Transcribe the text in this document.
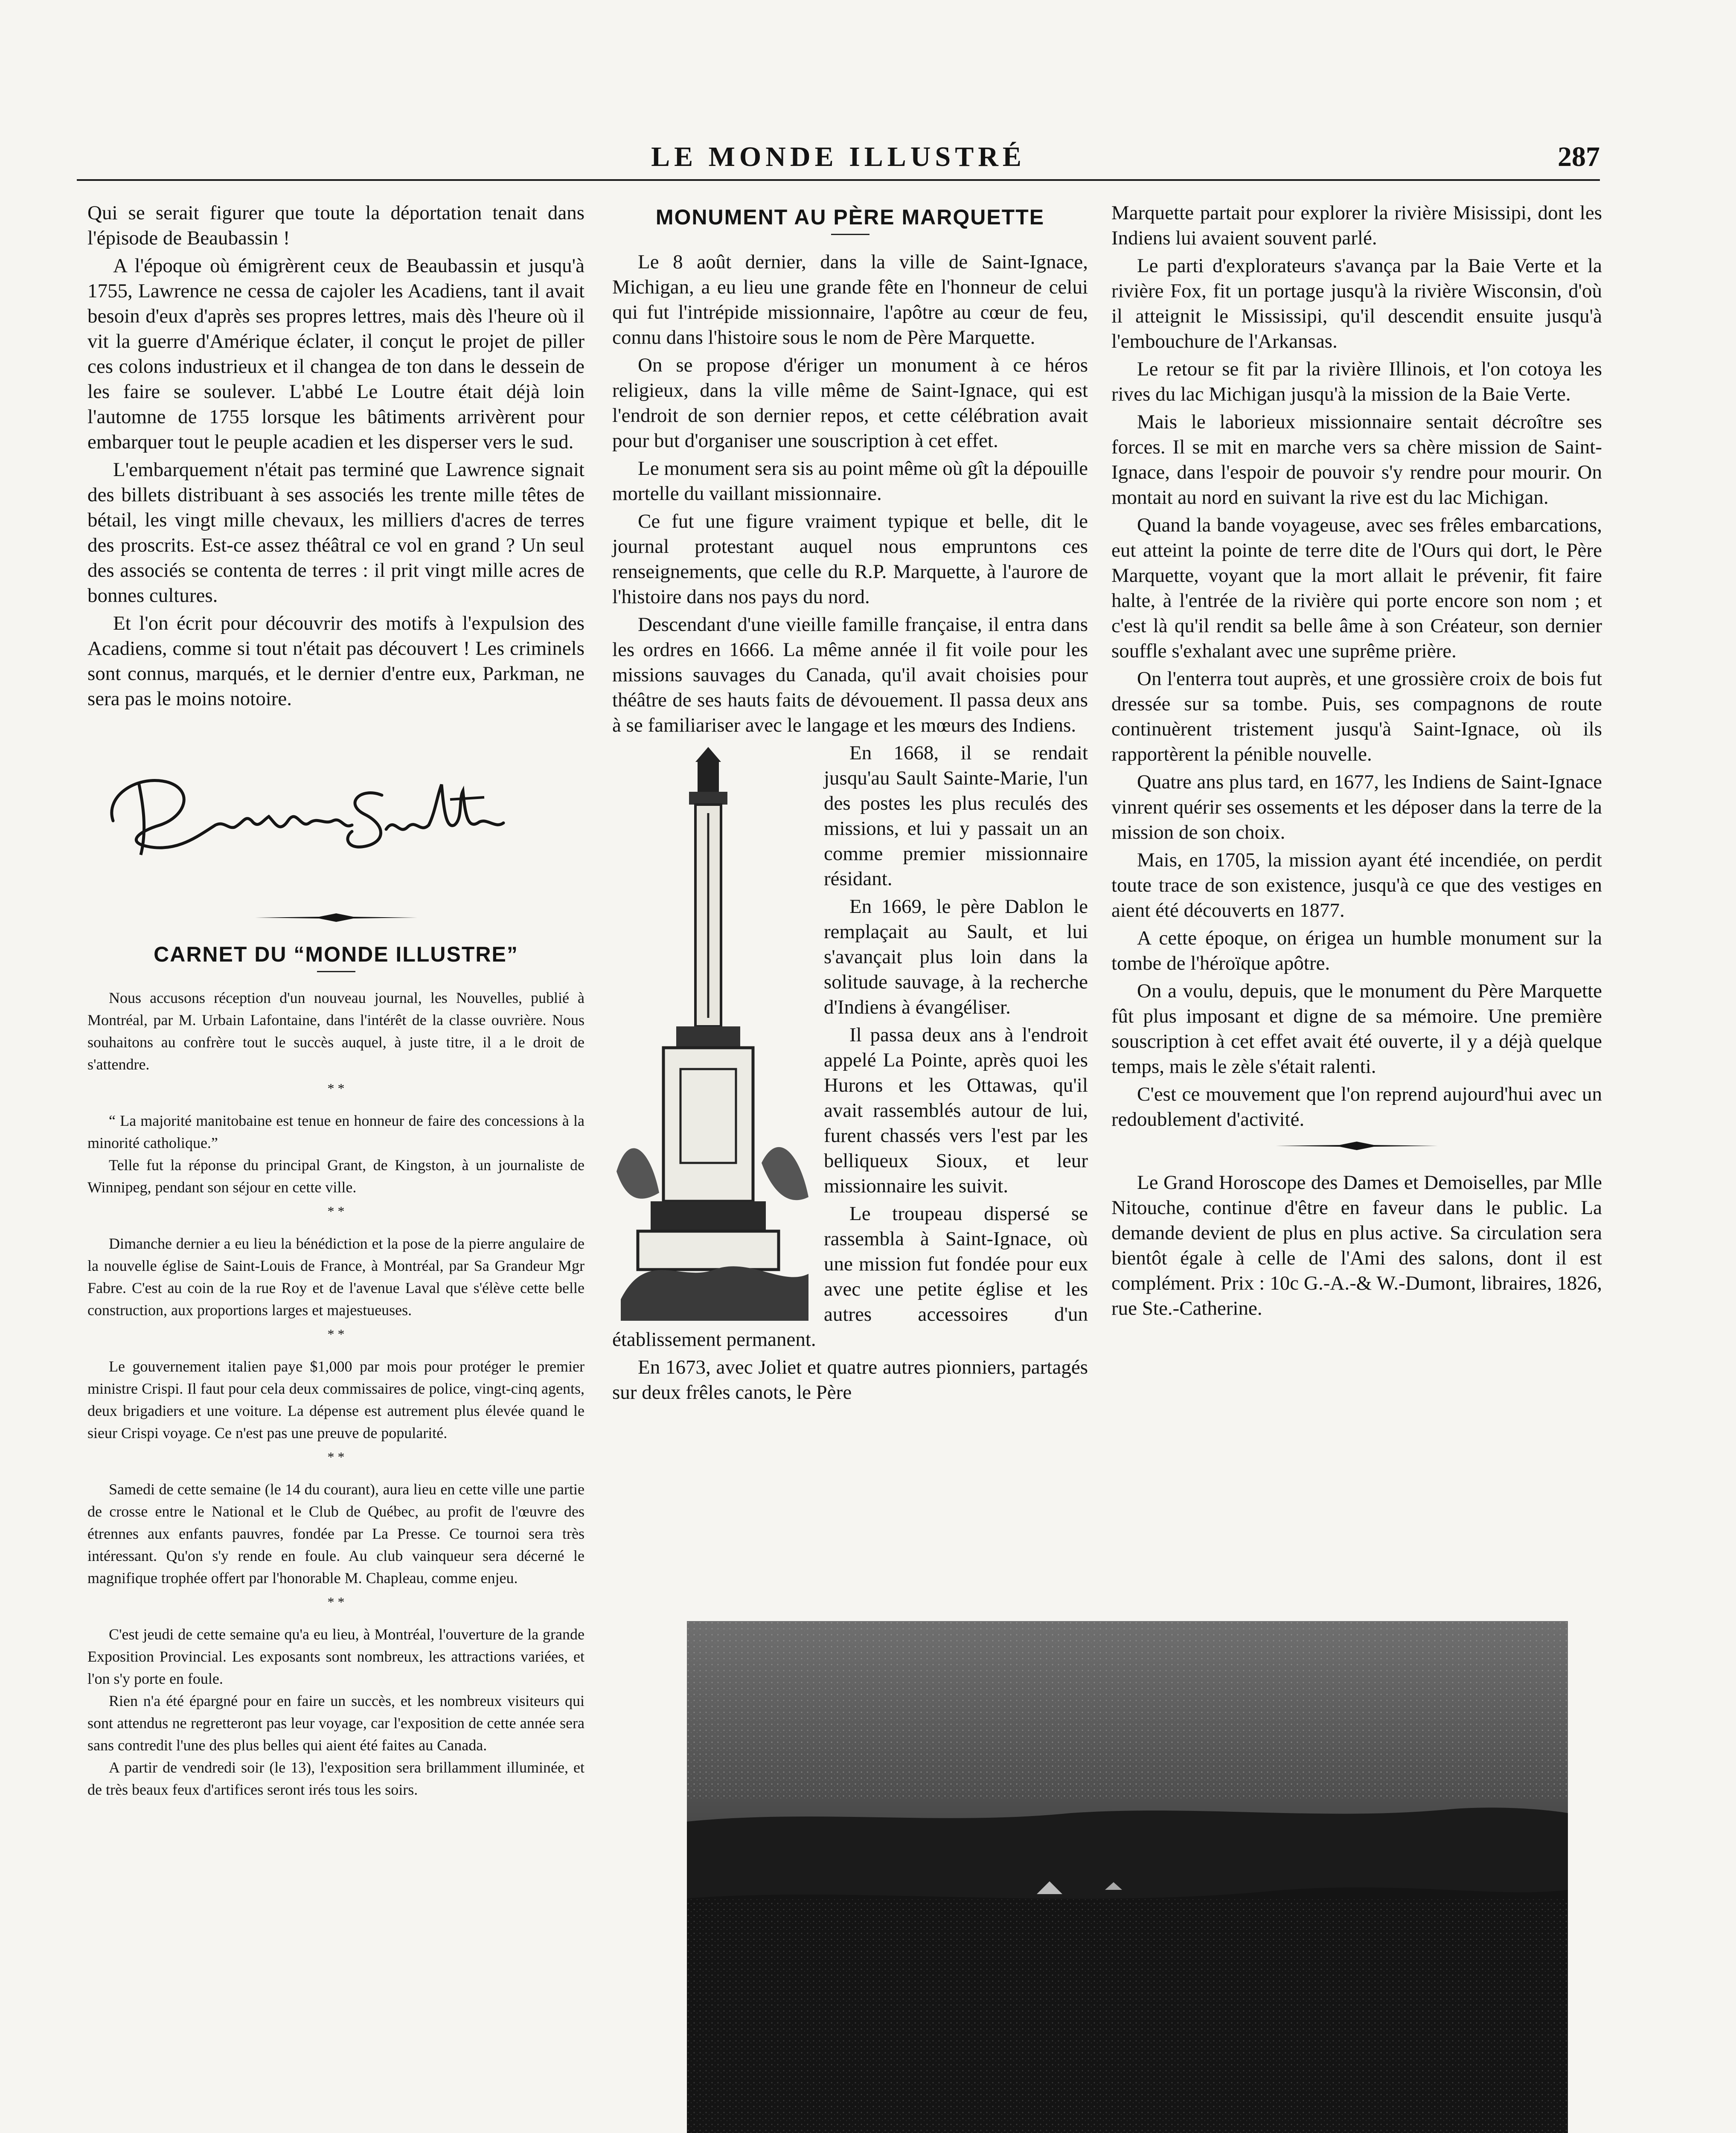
LE MONDE ILLUSTRÉ	287

Qui se serait figurer que toute la déportation tenait dans l'épisode de Beaubassin !

A l'époque où émigrèrent ceux de Beaubassin et jusqu'à 1755, Lawrence ne cessa de cajoler les Acadiens, tant il avait besoin d'eux d'après ses propres lettres, mais dès l'heure où il vit la guerre d'Amérique éclater, il conçut le projet de piller ces colons industrieux et il changea de ton dans le dessein de les faire se soulever. L'abbé Le Loutre était déjà loin l'automne de 1755 lorsque les bâtiments arrivèrent pour embarquer tout le peuple acadien et les disperser vers le sud.

L'embarquement n'était pas terminé que Lawrence signait des billets distribuant à ses associés les trente mille têtes de bétail, les vingt mille chevaux, les milliers d'acres de terres des proscrits. Est-ce assez théâtral ce vol en grand ? Un seul des associés se contenta de terres : il prit vingt mille acres de bonnes cultures.

Et l'on écrit pour découvrir des motifs à l'expulsion des Acadiens, comme si tout n'était pas découvert ! Les criminels sont connus, marqués, et le dernier d'entre eux, Parkman, ne sera pas le moins notoire.

CARNET DU “MONDE ILLUSTRE”

Nous accusons réception d'un nouveau journal, les Nouvelles, publié à Montréal, par M. Urbain Lafontaine, dans l'intérêt de la classe ouvrière. Nous souhaitons au confrère tout le succès auquel, à juste titre, il a le droit de s'attendre.

* *

“ La majorité manitobaine est tenue en honneur de faire des concessions à la minorité catholique.”

Telle fut la réponse du principal Grant, de Kingston, à un journaliste de Winnipeg, pendant son séjour en cette ville.

* *

Dimanche dernier a eu lieu la bénédiction et la pose de la pierre angulaire de la nouvelle église de Saint-Louis de France, à Montréal, par Sa Grandeur Mgr Fabre. C'est au coin de la rue Roy et de l'avenue Laval que s'élève cette belle construction, aux proportions larges et majestueuses.

* *

Le gouvernement italien paye $1,000 par mois pour protéger le premier ministre Crispi. Il faut pour cela deux commissaires de police, vingt-cinq agents, deux brigadiers et une voiture. La dépense est autrement plus élevée quand le sieur Crispi voyage. Ce n'est pas une preuve de popularité.

* *

Samedi de cette semaine (le 14 du courant), aura lieu en cette ville une partie de crosse entre le National et le Club de Québec, au profit de l'œuvre des étrennes aux enfants pauvres, fondée par La Presse. Ce tournoi sera très intéressant. Qu'on s'y rende en foule. Au club vainqueur sera décerné le magnifique trophée offert par l'honorable M. Chapleau, comme enjeu.

* *

C'est jeudi de cette semaine qu'a eu lieu, à Montréal, l'ouverture de la grande Exposition Provincial. Les exposants sont nombreux, les attractions variées, et l'on s'y porte en foule.

Rien n'a été épargné pour en faire un succès, et les nombreux visiteurs qui sont attendus ne regretteront pas leur voyage, car l'exposition de cette année sera sans contredit l'une des plus belles qui aient été faites au Canada.

A partir de vendredi soir (le 13), l'exposition sera brillamment illuminée, et de très beaux feux d'artifices seront irés tous les soirs.

MONUMENT AU PÈRE MARQUETTE

Le 8 août dernier, dans la ville de Saint-Ignace, Michigan, a eu lieu une grande fête en l'honneur de celui qui fut l'intrépide missionnaire, l'apôtre au cœur de feu, connu dans l'histoire sous le nom de Père Marquette.

On se propose d'ériger un monument à ce héros religieux, dans la ville même de Saint-Ignace, qui est l'endroit de son dernier repos, et cette célébration avait pour but d'organiser une souscription à cet effet.

Le monument sera sis au point même où gît la dépouille mortelle du vaillant missionnaire.

Ce fut une figure vraiment typique et belle, dit le journal protestant auquel nous empruntons ces renseignements, que celle du R.P. Marquette, à l'aurore de l'histoire dans nos pays du nord.

Descendant d'une vieille famille française, il entra dans les ordres en 1666. La même année il fit voile pour les missions sauvages du Canada, qu'il avait choisies pour théâtre de ses hauts faits de dévouement. Il passa deux ans à se familiariser avec le langage et les mœurs des Indiens.

En 1668, il se rendait jusqu'au Sault Sainte-Marie, l'un des postes les plus reculés des missions, et lui y passait un an comme premier missionnaire résidant.

En 1669, le père Dablon le remplaçait au Sault, et lui s'avançait plus loin dans la solitude sauvage, à la recherche d'Indiens à évangéliser.

Il passa deux ans à l'endroit appelé La Pointe, après quoi les Hurons et les Ottawas, qu'il avait rassemblés autour de lui, furent chassés vers l'est par les belliqueux Sioux, et leur missionnaire les suivit.

Le troupeau dispersé se rassembla à Saint-Ignace, où une mission fut fondée pour eux avec une petite église et les autres accessoires d'un établissement permanent.

En 1673, avec Joliet et quatre autres pionniers, partagés sur deux frêles canots, le Père

Marquette partait pour explorer la rivière Misissipi, dont les Indiens lui avaient souvent parlé.

Le parti d'explorateurs s'avança par la Baie Verte et la rivière Fox, fit un portage jusqu'à la rivière Wisconsin, d'où il atteignit le Mississipi, qu'il descendit ensuite jusqu'à l'embouchure de l'Arkansas.

Le retour se fit par la rivière Illinois, et l'on cotoya les rives du lac Michigan jusqu'à la mission de la Baie Verte.

Mais le laborieux missionnaire sentait décroître ses forces. Il se mit en marche vers sa chère mission de Saint-Ignace, dans l'espoir de pouvoir s'y rendre pour mourir. On montait au nord en suivant la rive est du lac Michigan.

Quand la bande voyageuse, avec ses frêles embarcations, eut atteint la pointe de terre dite de l'Ours qui dort, le Père Marquette, voyant que la mort allait le prévenir, fit faire halte, à l'entrée de la rivière qui porte encore son nom ; et c'est là qu'il rendit sa belle âme à son Créateur, son dernier souffle s'exhalant avec une suprême prière.

On l'enterra tout auprès, et une grossière croix de bois fut dressée sur sa tombe. Puis, ses compagnons de route continuèrent tristement jusqu'à Saint-Ignace, où ils rapportèrent la pénible nouvelle.

Quatre ans plus tard, en 1677, les Indiens de Saint-Ignace vinrent quérir ses ossements et les déposer dans la terre de la mission de son choix.

Mais, en 1705, la mission ayant été incendiée, on perdit toute trace de son existence, jusqu'à ce que des vestiges en aient été découverts en 1877.

A cette époque, on érigea un humble monument sur la tombe de l'héroïque apôtre.

On a voulu, depuis, que le monument du Père Marquette fût plus imposant et digne de sa mémoire. Une première souscription à cet effet avait été ouverte, il y a déjà quelque temps, mais le zèle s'était ralenti.

C'est ce mouvement que l'on reprend aujourd'hui avec un redoublement d'activité.

Le Grand Horoscope des Dames et Demoiselles, par Mlle Nitouche, continue d'être en faveur dans le public. La demande devient de plus en plus active. Sa circulation sera bientôt égale à celle de l'Ami des salons, dont il est complément. Prix : 10c G.-A.-& W.-Dumont, libraires, 1826, rue Ste.-Catherine.
